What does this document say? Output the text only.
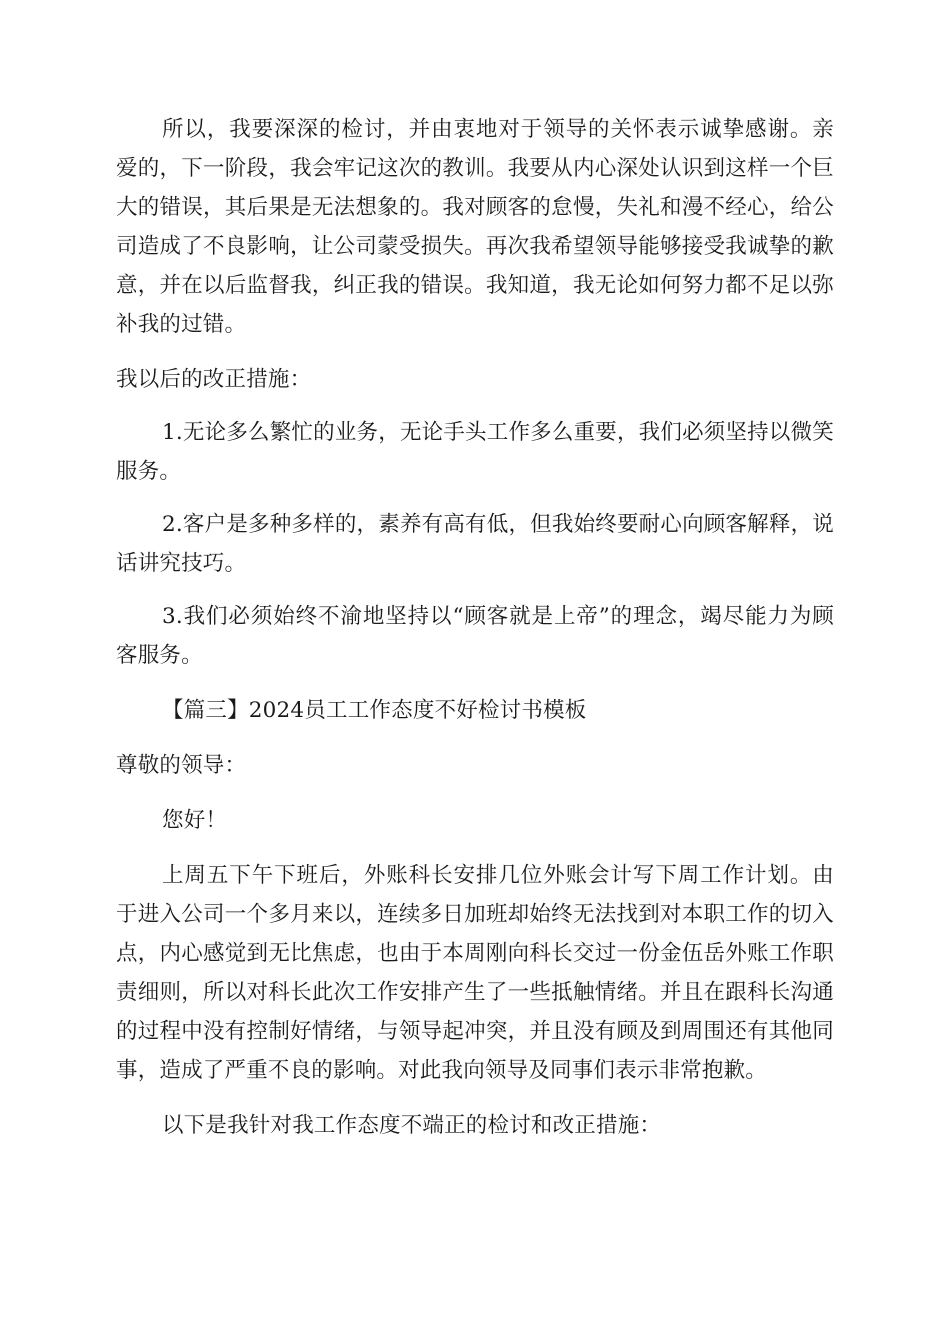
所以，我要深深的检讨，并由衷地对于领导的关怀表示诚挚感谢。亲爱的，下一阶段，我会牢记这次的教训。我要从内心深处认识到这样一个巨大的错误，其后果是无法想象的。我对顾客的怠慢，失礼和漫不经心，给公司造成了不良影响，让公司蒙受损失。再次我希望领导能够接受我诚挚的歉意，并在以后监督我，纠正我的错误。我知道，我无论如何努力都不足以弥补我的过错。

我以后的改正措施：

1.无论多么繁忙的业务，无论手头工作多么重要，我们必须坚持以微笑服务。

2.客户是多种多样的，素养有高有低，但我始终要耐心向顾客解释，说话讲究技巧。

3.我们必须始终不渝地坚持以“顾客就是上帝”的理念，竭尽能力为顾客服务。

【篇三】2024员工工作态度不好检讨书模板

尊敬的领导：

您好！

上周五下午下班后，外账科长安排几位外账会计写下周工作计划。由于进入公司一个多月来以，连续多日加班却始终无法找到对本职工作的切入点，内心感觉到无比焦虑，也由于本周刚向科长交过一份金伍岳外账工作职责细则，所以对科长此次工作安排产生了一些抵触情绪。并且在跟科长沟通的过程中没有控制好情绪，与领导起冲突，并且没有顾及到周围还有其他同事，造成了严重不良的影响。对此我向领导及同事们表示非常抱歉。

以下是我针对我工作态度不端正的检讨和改正措施：
